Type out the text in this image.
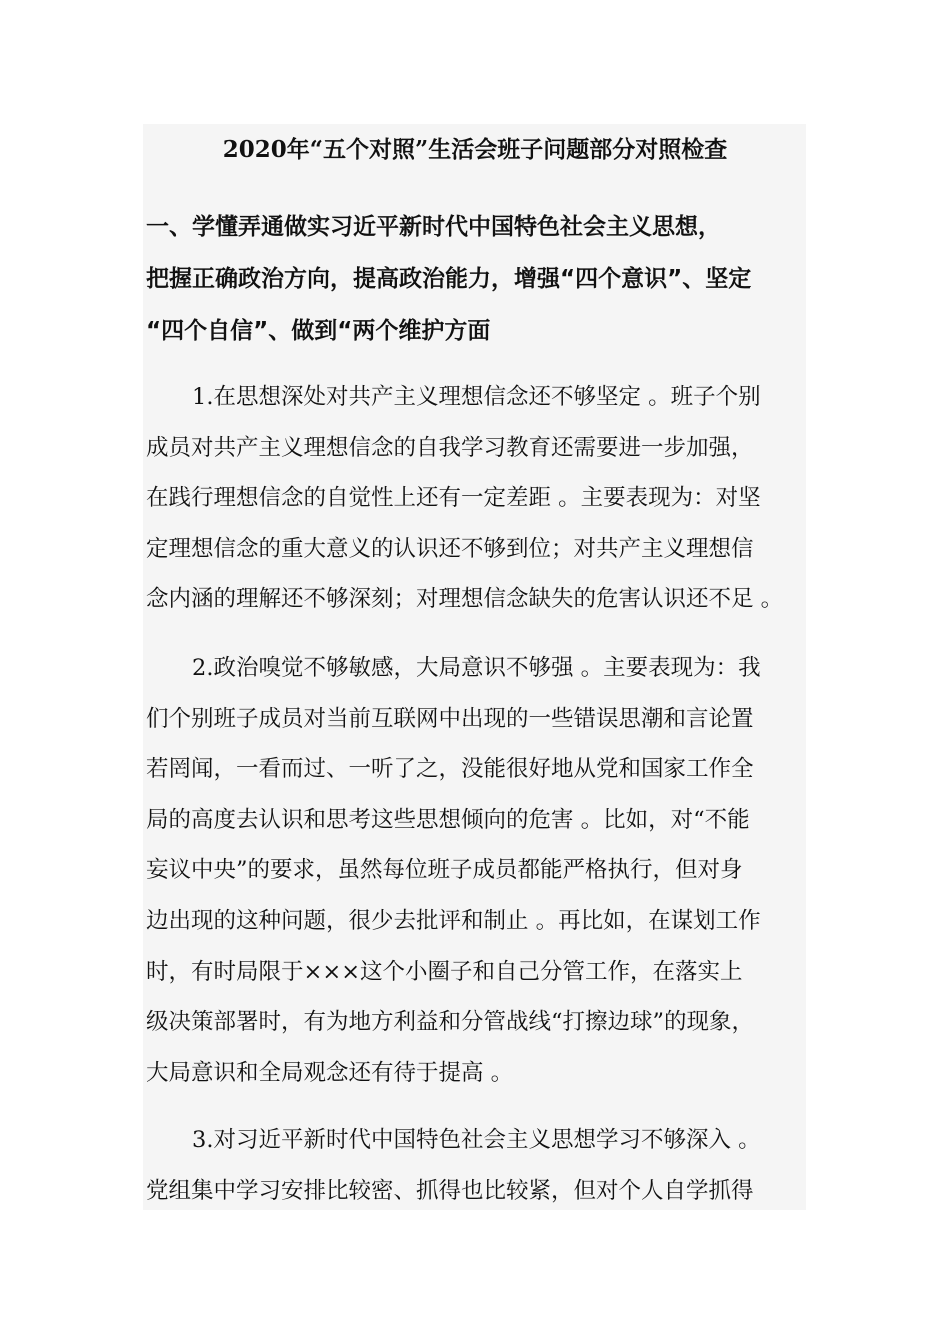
2020年“五个对照”生活会班子问题部分对照检查
一、学懂弄通做实习近平新时代中国特色社会主义思想，
把握正确政治方向，提高政治能力，增强“四个意识”、坚定
“四个自信”、做到“两个维护方面
1.在思想深处对共产主义理想信念还不够坚定 。班子个别
成员对共产主义理想信念的自我学习教育还需要进一步加强，
在践行理想信念的自觉性上还有一定差距 。主要表现为：对坚
定理想信念的重大意义的认识还不够到位；对共产主义理想信
念内涵的理解还不够深刻；对理想信念缺失的危害认识还不足 。
2.政治嗅觉不够敏感，大局意识不够强 。主要表现为：我
们个别班子成员对当前互联网中出现的一些错误思潮和言论置
若罔闻，一看而过、一听了之，没能很好地从党和国家工作全
局的高度去认识和思考这些思想倾向的危害 。比如，对“不能
妄议中央”的要求，虽然每位班子成员都能严格执行，但对身
边出现的这种问题，很少去批评和制止 。再比如，在谋划工作
时，有时局限于×××这个小圈子和自己分管工作，在落实上
级决策部署时，有为地方利益和分管战线“打擦边球”的现象，
大局意识和全局观念还有待于提高 。
3.对习近平新时代中国特色社会主义思想学习不够深入 。
党组集中学习安排比较密、抓得也比较紧，但对个人自学抓得
